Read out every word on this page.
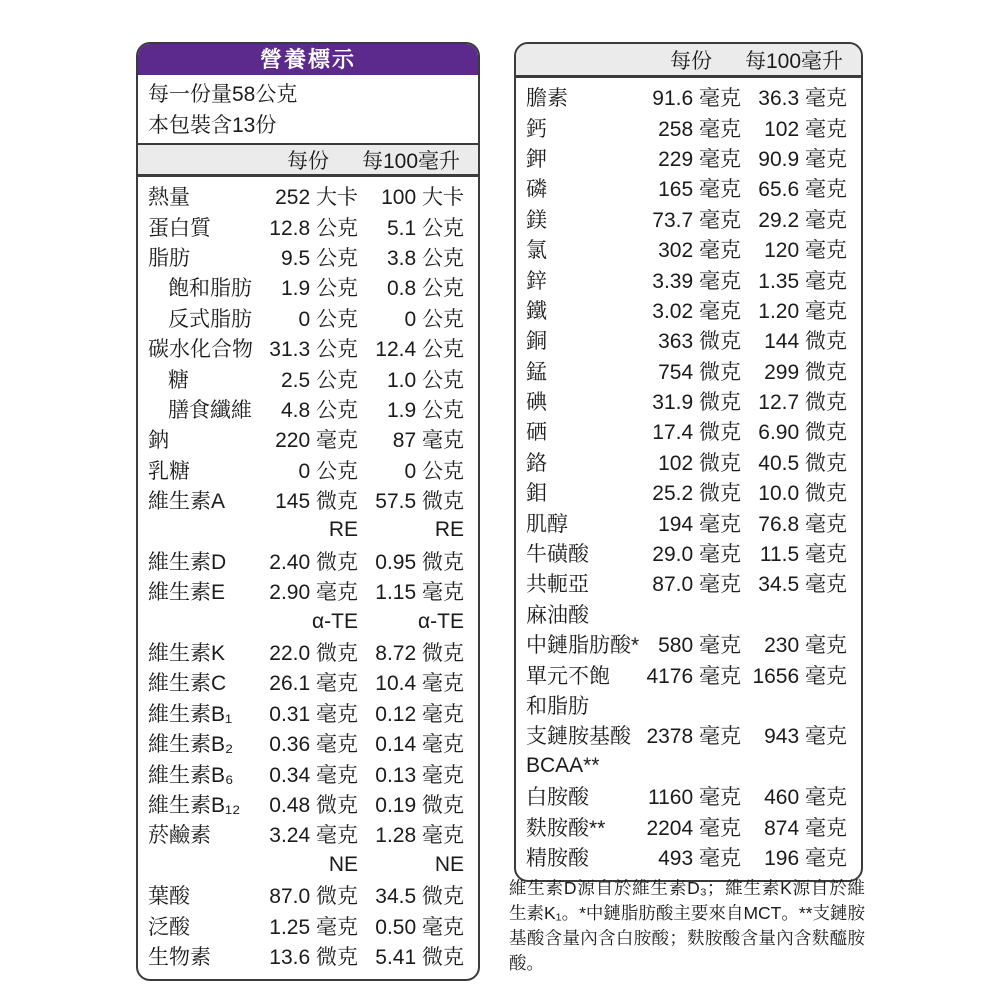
營養標示
每一份量58公克
本包裝含13份
每份	每100毫升
熱量	252 大卡	100 大卡
蛋白質	12.8 公克	5.1 公克
脂肪	9.5 公克	3.8 公克
飽和脂肪	1.9 公克	0.8 公克
反式脂肪	0 公克	0 公克
碳水化合物 31.3 公克 12.4 公克
糖	2.5 公克	1.0 公克
膳食纖維	4.8 公克	1.9 公克
鈉	220 毫克	87 毫克
乳糖	0 公克	0 公克
維生素A	145 微克 57.5 微克
RE	RE
維生素D	2.40 微克 0.95 微克
維生素E	2.90 毫克 1.15 毫克
α-TE	α-TE
維生素K	22.0 微克 8.72 微克
維生素C	26.1 毫克 10.4 毫克
維生素B₁	0.31 毫克 0.12 毫克
維生素B₂	0.36 毫克 0.14 毫克
維生素B₆	0.34 毫克 0.13 毫克
維生素B₁₂	0.48 微克 0.19 微克
菸鹼素	3.24 毫克 1.28 毫克
NE	NE
葉酸	87.0 微克 34.5 微克
泛酸	1.25 毫克 0.50 毫克
生物素	13.6 微克 5.41 微克
每份	每100毫升
膽素	91.6 毫克 36.3 毫克
鈣	258 毫克	102 毫克
鉀	229 毫克 90.9 毫克
磷	165 毫克 65.6 毫克
鎂	73.7 毫克 29.2 毫克
氯	302 毫克	120 毫克
鋅	3.39 毫克 1.35 毫克
鐵	3.02 毫克 1.20 毫克
銅	363 微克	144 微克
錳	754 微克	299 微克
碘	31.9 微克 12.7 微克
硒	17.4 微克 6.90 微克
鉻	102 微克 40.5 微克
鉬	25.2 微克 10.0 微克
肌醇	194 毫克 76.8 毫克
牛磺酸	29.0 毫克 11.5 毫克
共軛亞	87.0 毫克 34.5 毫克
麻油酸
中鏈脂肪酸* 580 毫克	230 毫克
單元不飽	4176 毫克 1656 毫克
和脂肪
支鏈胺基酸 2378 毫克	943 毫克
BCAA**
白胺酸	1160 毫克	460 毫克
麩胺酸**	2204 毫克	874 毫克
精胺酸	493 毫克	196 毫克

維生素D源自於維生素D₃；維生素K源自於維生素K₁。*中鏈脂肪酸主要來自MCT。**支鏈胺基酸含量內含白胺酸；麩胺酸含量內含麩醯胺酸。
